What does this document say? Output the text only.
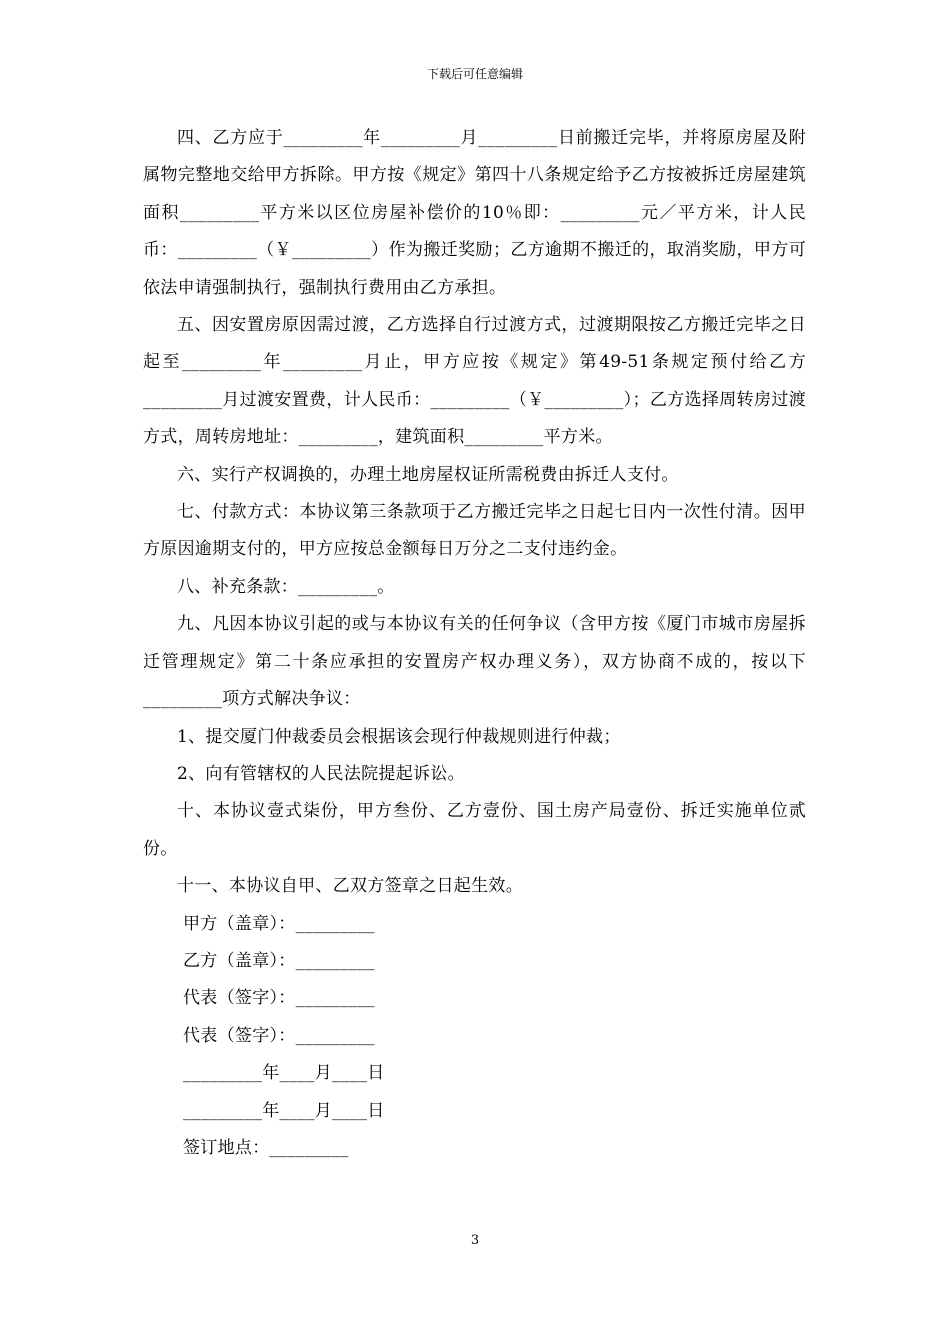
下载后可任意编辑

四、乙方应于_________年_________月_________日前搬迁完毕，并将原房屋及附属物完整地交给甲方拆除。甲方按《规定》第四十八条规定给予乙方按被拆迁房屋建筑面积_________平方米以区位房屋补偿价的10％即：_________元／平方米，计人民币：_________（￥_________）作为搬迁奖励；乙方逾期不搬迁的，取消奖励，甲方可依法申请强制执行，强制执行费用由乙方承担。

五、因安置房原因需过渡，乙方选择自行过渡方式，过渡期限按乙方搬迁完毕之日起至_________年_________月止，甲方应按《规定》第49-51条规定预付给乙方_________月过渡安置费，计人民币：_________（￥_________）；乙方选择周转房过渡方式，周转房地址：_________，建筑面积_________平方米。

六、实行产权调换的，办理土地房屋权证所需税费由拆迁人支付。

七、付款方式：本协议第三条款项于乙方搬迁完毕之日起七日内一次性付清。因甲方原因逾期支付的，甲方应按总金额每日万分之二支付违约金。

八、补充条款：_________。

九、凡因本协议引起的或与本协议有关的任何争议（含甲方按《厦门市城市房屋拆迁管理规定》第二十条应承担的安置房产权办理义务），双方协商不成的，按以下_________项方式解决争议：

1、提交厦门仲裁委员会根据该会现行仲裁规则进行仲裁；

2、向有管辖权的人民法院提起诉讼。

十、本协议壹式柒份，甲方叁份、乙方壹份、国土房产局壹份、拆迁实施单位贰份。

十一、本协议自甲、乙双方签章之日起生效。

甲方（盖章）：_________

乙方（盖章）：_________

代表（签字）：_________

代表（签字）：_________

_________年____月____日

_________年____月____日

签订地点：_________

3
